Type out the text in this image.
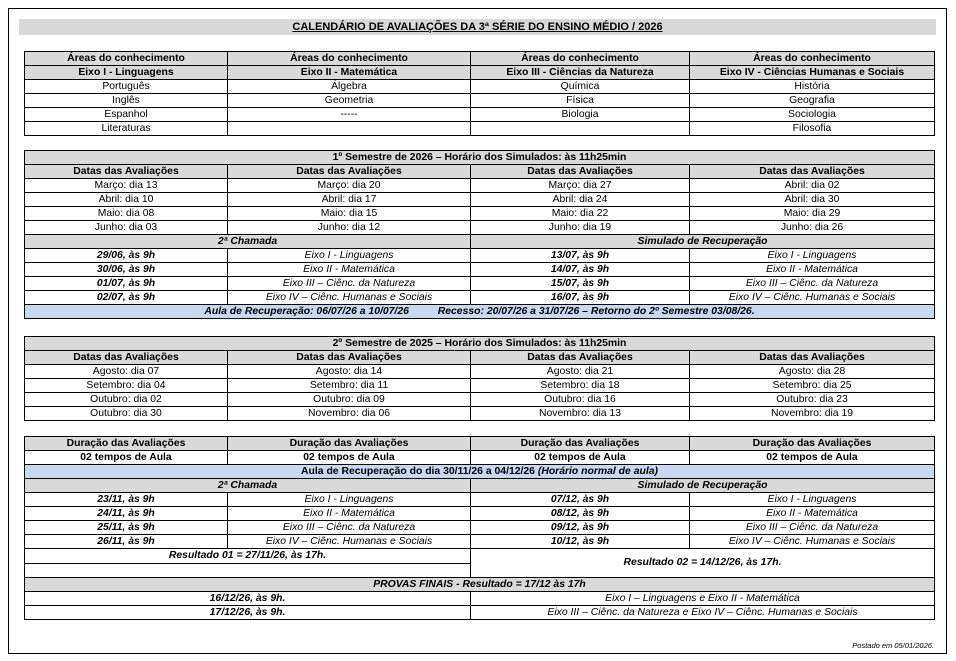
CALENDÁRIO DE AVALIAÇÕES DA 3ª SÉRIE DO ENSINO MÉDIO / 2026
Áreas do conhecimento	Áreas do conhecimento	Áreas do conhecimento	Áreas do conhecimento
Eixo I - Linguagens	Eixo II - Matemática	Eixo III - Ciências da Natureza	Eixo IV - Ciências Humanas e Sociais
Português	Álgebra	Química	História
Inglês	Geometria	Física	Geografia
Espanhol	-----	Biologia	Sociologia
Literaturas			Filosofia
1º Semestre de 2026 – Horário dos Simulados: às 11h25min			
Datas das Avaliações	Datas das Avaliações	Datas das Avaliações	Datas das Avaliações
Março: dia 13	Março: dia 20	Março: dia 27	Abril: dia 02
Abril: dia 10	Abril: dia 17	Abril: dia 24	Abril: dia 30
Maio: dia 08	Maio: dia 15	Maio: dia 22	Maio: dia 29
Junho: dia 03	Junho: dia 12	Junho: dia 19	Junho: dia 26
2ª Chamada		Simulado de Recuperação	
29/06, às 9h	Eixo I - Linguagens	13/07, às 9h	Eixo I - Linguagens
30/06, às 9h	Eixo II - Matemática	14/07, às 9h	Eixo II - Matemática
01/07, às 9h	Eixo III – Ciênc. da Natureza	15/07, às 9h	Eixo III – Ciênc. da Natureza
02/07, às 9h	Eixo IV – Ciênc. Humanas e Sociais	16/07, às 9h	Eixo IV – Ciênc. Humanas e Sociais
Aula de Recuperação: 06/07/26 a 10/07/26          Recesso: 20/07/26 a 31/07/26 – Retorno do 2º Semestre 03/08/26.			
2º Semestre de 2025 – Horário dos Simulados: às 11h25min			
Datas das Avaliações	Datas das Avaliações	Datas das Avaliações	Datas das Avaliações
Agosto: dia 07	Agosto: dia 14	Agosto: dia 21	Agosto: dia 28
Setembro: dia 04	Setembro: dia 11	Setembro: dia 18	Setembro: dia 25
Outubro: dia 02	Outubro: dia 09	Outubro: dia 16	Outubro: dia 23
Outubro: dia 30	Novembro: dia 06	Novembro: dia 13	Novembro: dia 19
Duração das Avaliações	Duração das Avaliações	Duração das Avaliações	Duração das Avaliações
02 tempos de Aula	02 tempos de Aula	02 tempos de Aula	02 tempos de Aula
Aula de Recuperação do dia 30/11/26 a 04/12/26 (Horário normal de aula)			
2ª Chamada		Simulado de Recuperação	
23/11, às 9h	Eixo I - Linguagens	07/12, às 9h	Eixo I - Linguagens
24/11, às 9h	Eixo II - Matemática	08/12, às 9h	Eixo II - Matemática
25/11, às 9h	Eixo III – Ciênc. da Natureza	09/12, às 9h	Eixo III – Ciênc. da Natureza
26/11, às 9h	Eixo IV – Ciênc. Humanas e Sociais	10/12, às 9h	Eixo IV – Ciênc. Humanas e Sociais
Resultado 01 = 27/11/26, às 17h.		Resultado 02 = 14/12/26, às 17h.	

PROVAS FINAIS - Resultado = 17/12 às 17h			
16/12/26, às 9h.		Eixo I – Linguagens e Eixo II - Matemática	
17/12/26, às 9h.		Eixo III – Ciênc. da Natureza e Eixo IV – Ciênc. Humanas e Sociais	
Postado em 05/01/2026.
